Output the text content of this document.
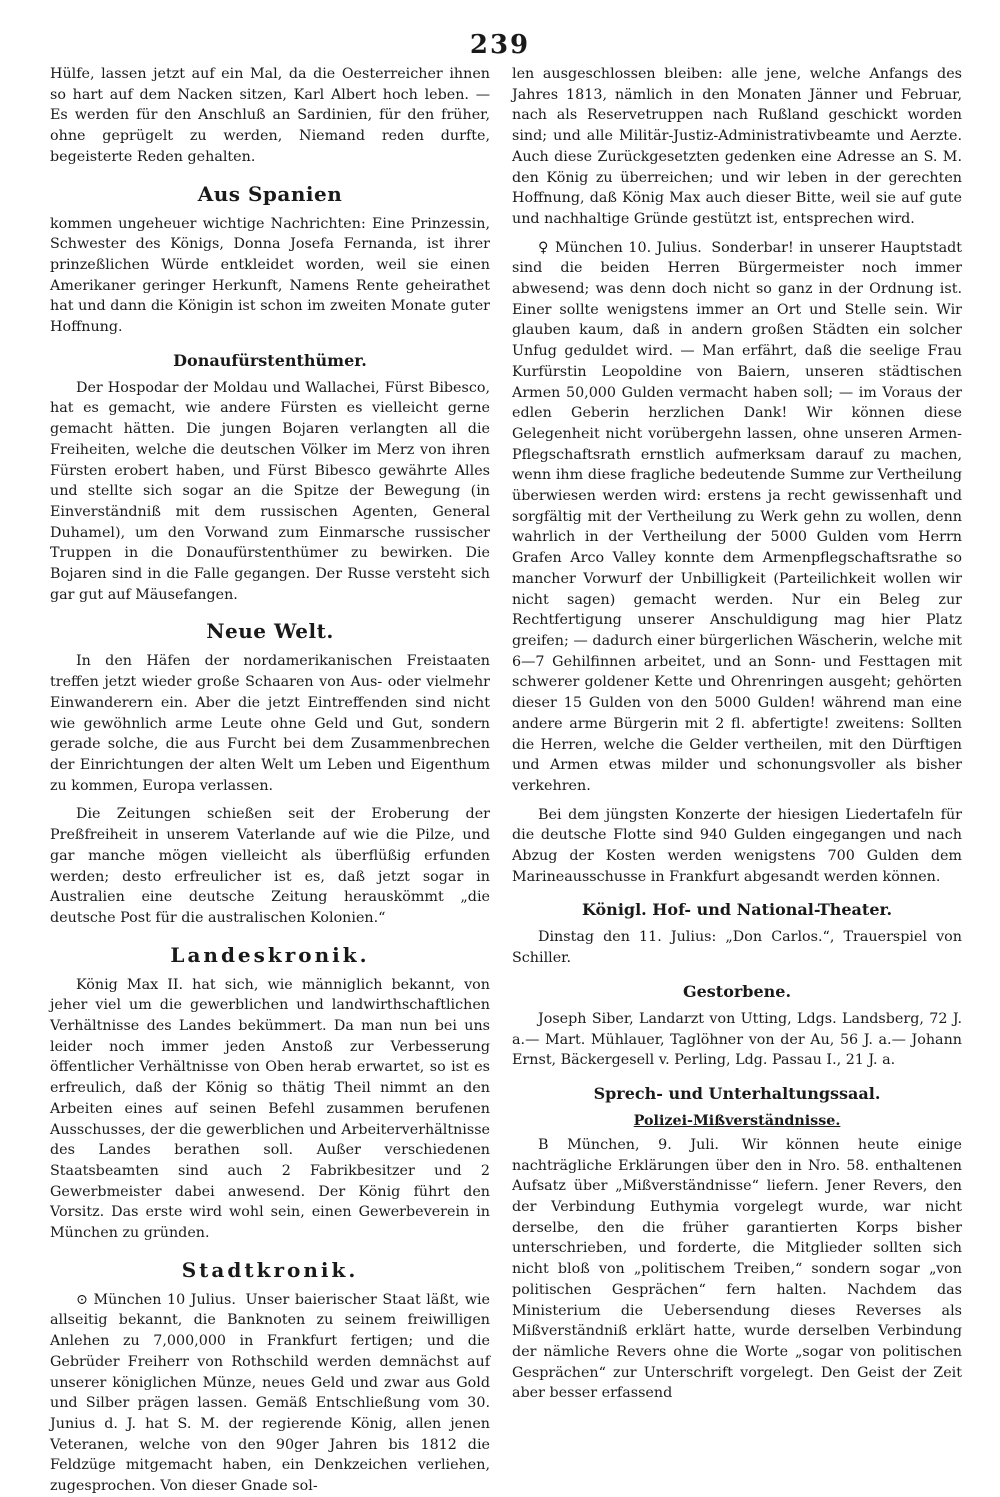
239

Hülfe, lassen jetzt auf ein Mal, da die Oesterreicher ihnen so hart auf dem Nacken sitzen, Karl Albert hoch leben. — Es werden für den Anschluß an Sardinien, für den früher, ohne geprügelt zu werden, Niemand reden durfte, begeisterte Reden gehalten.

Aus Spanien

kommen ungeheuer wichtige Nachrichten: Eine Prinzessin, Schwester des Königs, Donna Josefa Fernanda, ist ihrer prinzeßlichen Würde entkleidet worden, weil sie einen Amerikaner geringer Herkunft, Namens Rente geheirathet hat und dann die Königin ist schon im zweiten Monate guter Hoffnung.

Donaufürstenthümer.

Der Hospodar der Moldau und Wallachei, Fürst Bibesco, hat es gemacht, wie andere Fürsten es vielleicht gerne gemacht hätten. Die jungen Bojaren verlangten all die Freiheiten, welche die deutschen Völker im Merz von ihren Fürsten erobert haben, und Fürst Bibesco gewährte Alles und stellte sich sogar an die Spitze der Bewegung (in Einverständniß mit dem russischen Agenten, General Duhamel), um den Vorwand zum Einmarsche russischer Truppen in die Donaufürstenthümer zu bewirken. Die Bojaren sind in die Falle gegangen. Der Russe versteht sich gar gut auf Mäusefangen.

Neue Welt.

In den Häfen der nordamerikanischen Freistaaten treffen jetzt wieder große Schaaren von Aus- oder vielmehr Einwanderern ein. Aber die jetzt Eintreffenden sind nicht wie gewöhnlich arme Leute ohne Geld und Gut, sondern gerade solche, die aus Furcht bei dem Zusammenbrechen der Einrichtungen der alten Welt um Leben und Eigenthum zu kommen, Europa verlassen.

Die Zeitungen schießen seit der Eroberung der Preßfreiheit in unserem Vaterlande auf wie die Pilze, und gar manche mögen vielleicht als überflüßig erfunden werden; desto erfreulicher ist es, daß jetzt sogar in Australien eine deutsche Zeitung herauskömmt „die deutsche Post für die australischen Kolonien.“

Landeskronik.

König Max II. hat sich, wie männiglich bekannt, von jeher viel um die gewerblichen und landwirthschaftlichen Verhältnisse des Landes bekümmert. Da man nun bei uns leider noch immer jeden Anstoß zur Verbesserung öffentlicher Verhältnisse von Oben herab erwartet, so ist es erfreulich, daß der König so thätig Theil nimmt an den Arbeiten eines auf seinen Befehl zusammen berufenen Ausschusses, der die gewerblichen und Arbeiterverhältnisse des Landes berathen soll. Außer verschiedenen Staatsbeamten sind auch 2 Fabrikbesitzer und 2 Gewerbmeister dabei anwesend. Der König führt den Vorsitz. Das erste wird wohl sein, einen Gewerbeverein in München zu gründen.

Stadtkronik.

⊙ München 10 Julius. Unser baierischer Staat läßt, wie allseitig bekannt, die Banknoten zu seinem freiwilligen Anlehen zu 7,000,000 in Frankfurt fertigen; und die Gebrüder Freiherr von Rothschild werden demnächst auf unserer königlichen Münze, neues Geld und zwar aus Gold und Silber prägen lassen. Gemäß Entschließung vom 30. Junius d. J. hat S. M. der regierende König, allen jenen Veteranen, welche von den 90ger Jahren bis 1812 die Feldzüge mitgemacht haben, ein Denkzeichen verliehen, zugesprochen. Von dieser Gnade sol-

len ausgeschlossen bleiben: alle jene, welche Anfangs des Jahres 1813, nämlich in den Monaten Jänner und Februar, nach als Reservetruppen nach Rußland geschickt worden sind; und alle Militär-Justiz-Administrativbeamte und Aerzte. Auch diese Zurückgesetzten gedenken eine Adresse an S. M. den König zu überreichen; und wir leben in der gerechten Hoffnung, daß König Max auch dieser Bitte, weil sie auf gute und nachhaltige Gründe gestützt ist, entsprechen wird.

♀ München 10. Julius. Sonderbar! in unserer Hauptstadt sind die beiden Herren Bürgermeister noch immer abwesend; was denn doch nicht so ganz in der Ordnung ist. Einer sollte wenigstens immer an Ort und Stelle sein. Wir glauben kaum, daß in andern großen Städten ein solcher Unfug geduldet wird. — Man erfährt, daß die seelige Frau Kurfürstin Leopoldine von Baiern, unseren städtischen Armen 50,000 Gulden vermacht haben soll; — im Voraus der edlen Geberin herzlichen Dank! Wir können diese Gelegenheit nicht vorübergehn lassen, ohne unseren Armen-Pflegschaftsrath ernstlich aufmerksam darauf zu machen, wenn ihm diese fragliche bedeutende Summe zur Vertheilung überwiesen werden wird: erstens ja recht gewissenhaft und sorgfältig mit der Vertheilung zu Werk gehn zu wollen, denn wahrlich in der Vertheilung der 5000 Gulden vom Herrn Grafen Arco Valley konnte dem Armenpflegschaftsrathe so mancher Vorwurf der Unbilligkeit (Parteilichkeit wollen wir nicht sagen) gemacht werden. Nur ein Beleg zur Rechtfertigung unserer Anschuldigung mag hier Platz greifen; — dadurch einer bürgerlichen Wäscherin, welche mit 6—7 Gehilfinnen arbeitet, und an Sonn- und Festtagen mit schwerer goldener Kette und Ohrenringen ausgeht; gehörten dieser 15 Gulden von den 5000 Gulden! während man eine andere arme Bürgerin mit 2 fl. abfertigte! zweitens: Sollten die Herren, welche die Gelder vertheilen, mit den Dürftigen und Armen etwas milder und schonungsvoller als bisher verkehren.

Bei dem jüngsten Konzerte der hiesigen Liedertafeln für die deutsche Flotte sind 940 Gulden eingegangen und nach Abzug der Kosten werden wenigstens 700 Gulden dem Marineausschusse in Frankfurt abgesandt werden können.

Königl. Hof- und National-Theater.

Dinstag den 11. Julius: „Don Carlos.“, Trauerspiel von Schiller.

Gestorbene.

Joseph Siber, Landarzt von Utting, Ldgs. Landsberg, 72 J. a.— Mart. Mühlauer, Taglöhner von der Au, 56 J. a.— Johann Ernst, Bäckergesell v. Perling, Ldg. Passau I., 21 J. a.

Sprech- und Unterhaltungssaal.
Polizei-Mißverständnisse.

B München, 9. Juli. Wir können heute einige nachträgliche Erklärungen über den in Nro. 58. enthaltenen Aufsatz über „Mißverständnisse“ liefern. Jener Revers, den der Verbindung Euthymia vorgelegt wurde, war nicht derselbe, den die früher garantierten Korps bisher unterschrieben, und forderte, die Mitglieder sollten sich nicht bloß von „politischem Treiben,“ sondern sogar „von politischen Gesprächen“ fern halten. Nachdem das Ministerium die Uebersendung dieses Reverses als Mißverständniß erklärt hatte, wurde derselben Verbindung der nämliche Revers ohne die Worte „sogar von politischen Gesprächen“ zur Unterschrift vorgelegt. Den Geist der Zeit aber besser erfassend
